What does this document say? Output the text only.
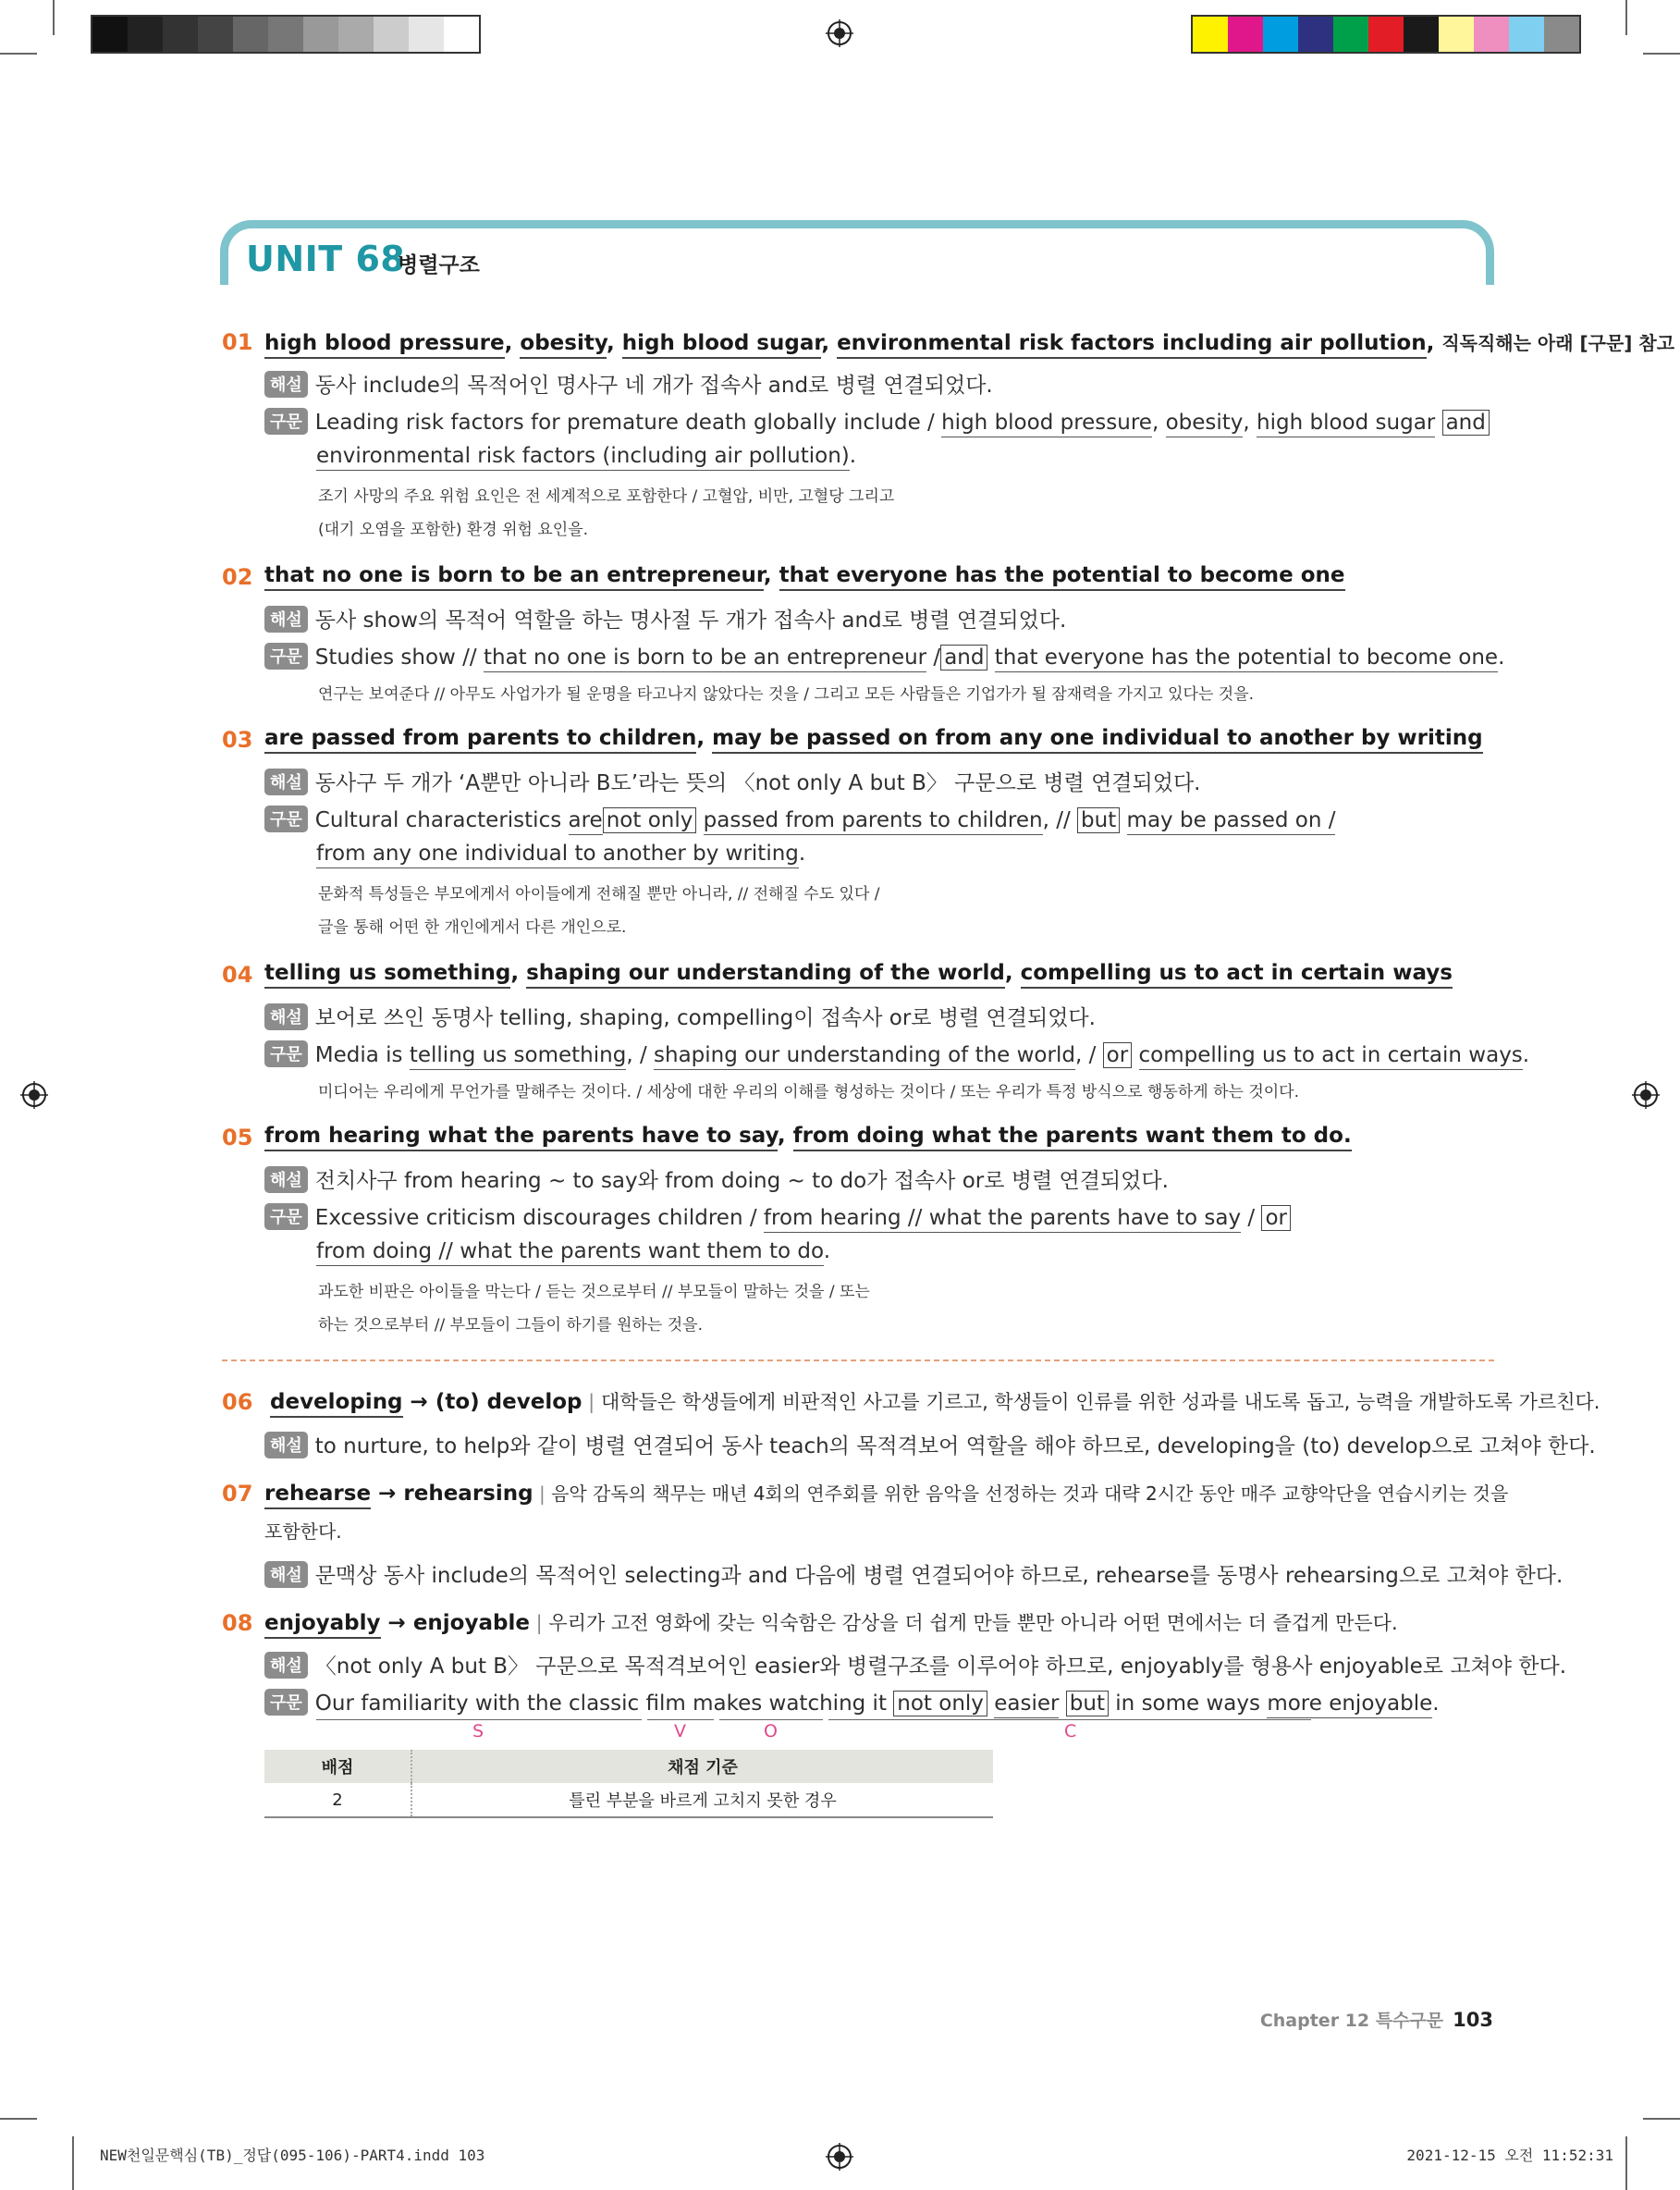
UNIT 68
병렬구조
01 high blood pressure, obesity, high blood sugar, environmental risk factors including air pollution, 직독직해는 아래 [구문] 참고
해설 동사 include의 목적어인 명사구 네 개가 접속사 and로 병렬 연결되었다.
구문 Leading risk factors for premature death globally include / high blood pressure, obesity, high blood sugar and
environmental risk factors (including air pollution).
조기 사망의 주요 위험 요인은 전 세계적으로 포함한다 / 고혈압, 비만, 고혈당 그리고
(대기 오염을 포함한) 환경 위험 요인을.
02 that no one is born to be an entrepreneur, that everyone has the potential to become one
해설 동사 show의 목적어 역할을 하는 명사절 두 개가 접속사 and로 병렬 연결되었다.
구문 Studies show // that no one is born to be an entrepreneur / and that everyone has the potential to become one.
연구는 보여준다 // 아무도 사업가가 될 운명을 타고나지 않았다는 것을 / 그리고 모든 사람들은 기업가가 될 잠재력을 가지고 있다는 것을.
03 are passed from parents to children, may be passed on from any one individual to another by writing
해설 동사구 두 개가 ‘A뿐만 아니라 B도’라는 뜻의 〈not only A but B〉 구문으로 병렬 연결되었다.
구문 Cultural characteristics are not only passed from parents to children, // but may be passed on /
from any one individual to another by writing.
문화적 특성들은 부모에게서 아이들에게 전해질 뿐만 아니라, // 전해질 수도 있다 /
글을 통해 어떤 한 개인에게서 다른 개인으로.
04 telling us something, shaping our understanding of the world, compelling us to act in certain ways
해설 보어로 쓰인 동명사 telling, shaping, compelling이 접속사 or로 병렬 연결되었다.
구문 Media is telling us something, / shaping our understanding of the world, / or compelling us to act in certain ways.
미디어는 우리에게 무언가를 말해주는 것이다. / 세상에 대한 우리의 이해를 형성하는 것이다 / 또는 우리가 특정 방식으로 행동하게 하는 것이다.
05 from hearing what the parents have to say, from doing what the parents want them to do.
해설 전치사구 from hearing ~ to say와 from doing ~ to do가 접속사 or로 병렬 연결되었다.
구문 Excessive criticism discourages children / from hearing // what the parents have to say / or
from doing // what the parents want them to do.
과도한 비판은 아이들을 막는다 / 듣는 것으로부터 // 부모들이 말하는 것을 / 또는
하는 것으로부터 // 부모들이 그들이 하기를 원하는 것을.
06 developing → (to) develop | 대학들은 학생들에게 비판적인 사고를 기르고, 학생들이 인류를 위한 성과를 내도록 돕고, 능력을 개발하도록 가르친다.
해설 to nurture, to help와 같이 병렬 연결되어 동사 teach의 목적격보어 역할을 해야 하므로, developing을 (to) develop으로 고쳐야 한다.
07 rehearse → rehearsing | 음악 감독의 책무는 매년 4회의 연주회를 위한 음악을 선정하는 것과 대략 2시간 동안 매주 교향악단을 연습시키는 것을
포함한다.
해설 문맥상 동사 include의 목적어인 selecting과 and 다음에 병렬 연결되어야 하므로, rehearse를 동명사 rehearsing으로 고쳐야 한다.
08 enjoyably → enjoyable | 우리가 고전 영화에 갖는 익숙함은 감상을 더 쉽게 만들 뿐만 아니라 어떤 면에서는 더 즐겁게 만든다.
해설 〈not only A but B〉 구문으로 목적격보어인 easier와 병렬구조를 이루어야 하므로, enjoyably를 형용사 enjoyable로 고쳐야 한다.
구문 Our familiarity with the classic film makes watching it not only easier but in some ways more enjoyable.
S	V	O	C
배점	채점 기준
2	틀린 부분을 바르게 고치지 못한 경우
Chapter 12 특수구문 103
NEW천일문핵심(TB)_정답(095-106)-PART4.indd 103	2021-12-15 오전 11:52:31
